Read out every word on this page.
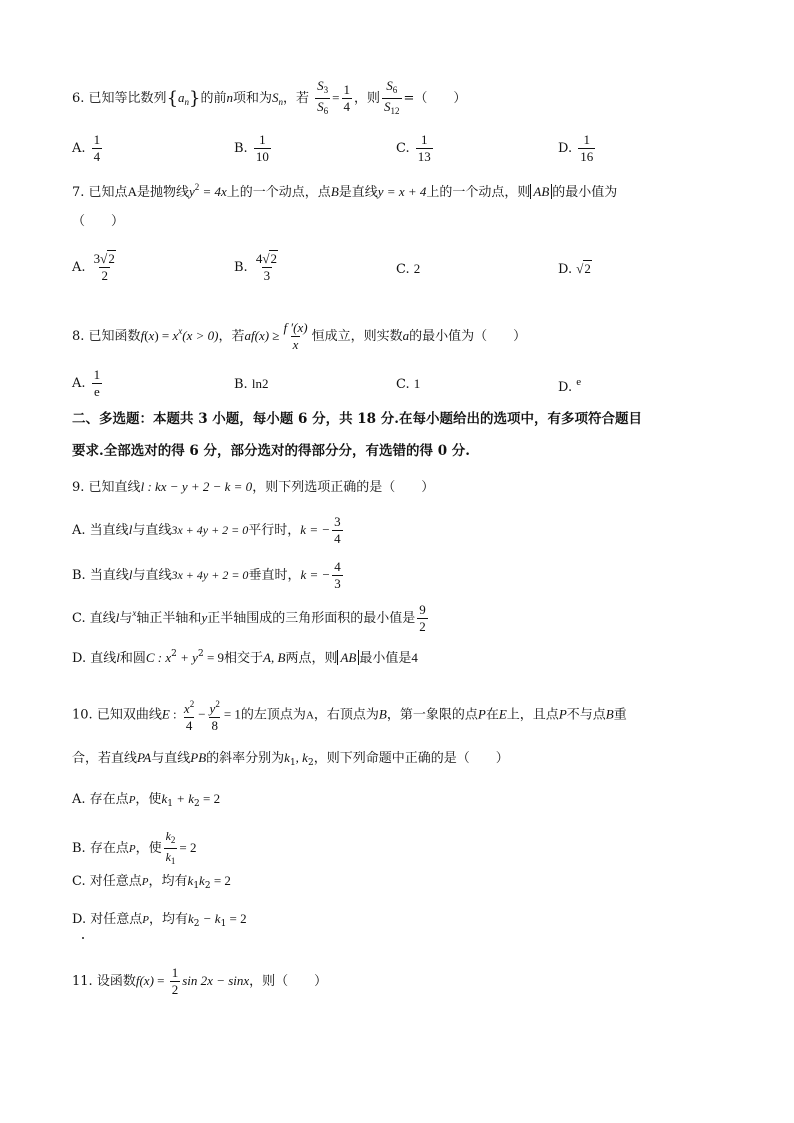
6. 已知等比数列$\{a_n\}$的前n项和为$S_n$，若 $\frac{S_3}{S_6} = \frac{1}{4}$ ，则 $\frac{S_6}{S_{12}}$ =（　　）
A. $\frac{1}{4}$	B. $\frac{1}{10}$	C. $\frac{1}{13}$	D. $\frac{1}{16}$
7. 已知点A是抛物线$y^2 = 4x$上的一个动点，点B是直线y = x + 4上的一个动点，则 AB 的最小值为
（　　）
A. $\frac{3√2}{2}$	B. $\frac{4√2}{3}$	C. 2	D. √2
8. 已知函数$f(x) = x^x(x > 0)$，若$af(x) \ge \frac{f '(x)}{x}$ 恒成立，则实数a的最小值为（　　）
A. $\frac{1}{e}$	B. ln2	C. 1	D. $^e$
二、多选题：本题共 3 小题，每小题 6 分，共 18 分.在每小题给出的选项中，有多项符合题目
要求.全部选对的得 6 分，部分选对的得部分分，有选错的得 0 分.
9. 已知直线l : kx − y + 2 − k = 0，则下列选项正确的是（　　）
A. 当直线l与直线3x + 4y + 2 = 0平行时，k = − $\frac{3}{4}$
B. 当直线l与直线3x + 4y + 2 = 0垂直时，k = − $\frac{4}{3}$
C. 直线l与$^x$轴正半轴和y正半轴围成的三角形面积的最小值是 $\frac{9}{2}$
D. 直线l和圆C : $x^2 + y^2 = 9$相交于A, B两点，则 AB 最小值是4
10. 已知双曲线E : $\frac{x^2}{4} - \frac{y^2}{8} = 1$的左顶点为A，右顶点为B，第一象限的点P在E上，且点P不与点B重
合，若直线PA与直线PB的斜率分别为$k_1$, $k_2$，则下列命题中正确的是（　　）
A. 存在点P，使$k_1 + k_2 = 2$
B. 存在点P，使 $\frac{k_2}{k_1} = 2$
C. 对任意点P，均有$k_1k_2 = 2$
D. 对任意点P，均有$k_2 - k_1 = 2$
11. 设函数$f(x) = \frac{1}{2}$ sin 2x − sinx，则（　　）
